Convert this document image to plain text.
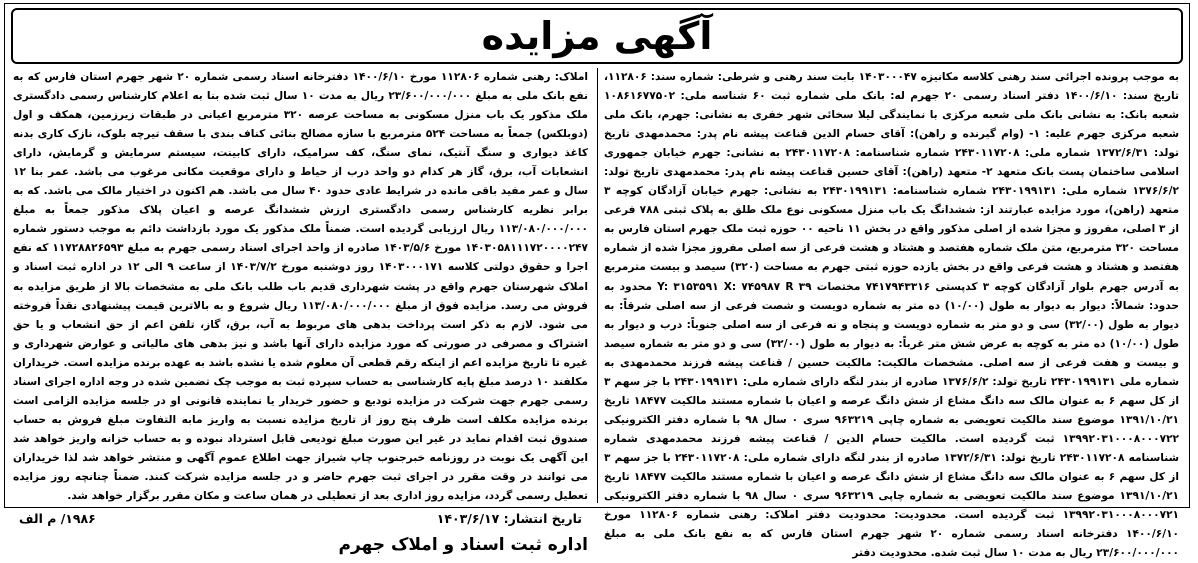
آگهی مزایده
به موجب پرونده اجرائی سند رهنی کلاسه مکانیزه ۱۴۰۳۰۰۰۴۷ بابت سند رهنی و شرطی: شماره سند: ۱۱۲۸۰۶، تاریخ سند: ۱۴۰۰/۶/۱۰ دفتر اسناد رسمی ۲۰ جهرم له: بانک ملی شماره ثبت ۶۰ شناسه ملی: ۱۰۸۶۱۶۷۷۵۰۲ شعبه بانک: به نشانی بانک ملی شعبه مرکزی با نمایندگی لیلا سخائی شهر خفری به نشانی: جهرم، بانک ملی شعبه مرکزی جهرم علیه: ۱- (وام گیرنده و راهن): آقای حسام الدین قناعت پیشه نام پدر: محمدمهدی تاریخ تولد: ۱۳۷۲/۶/۳۱ شماره ملی: ۲۴۳۰۱۱۷۲۰۸ شماره شناسنامه: ۲۴۳۰۱۱۷۲۰۸ به نشانی: جهرم خیابان جمهوری اسلامی ساختمان پست بانک متعهد ۲- متعهد (راهن): آقای حسین قناعت پیشه نام پدر: محمدمهدی تاریخ تولد: ۱۳۷۶/۶/۲ شماره ملی: ۲۴۳۰۱۹۹۱۳۱ شماره شناسنامه: ۲۴۳۰۱۹۹۱۳۱ به نشانی: جهرم خیابان آزادگان کوچه ۳ متعهد (راهن)، مورد مزایده عبارتند از: ششدانگ یک باب منزل مسکونی نوع ملک طلق به پلاک ثبتی ۷۸۸ فرعی از ۳ اصلی، مفروز و مجزا شده از اصلی مذکور واقع در بخش ۱۱ ناحیه ۰۰ حوزه ثبت ملک جهرم استان فارس به مساحت ۳۲۰ مترمربع، متن ملک شماره هفتصد و هشتاد و هشت فرعی از سه اصلی مفروز مجزا شده از شماره هفتصد و هشتاد و هشت فرعی واقع در بخش یازده حوزه ثبتی جهرم به مساحت (۳۲۰) سیصد و بیست مترمربع به آدرس جهرم بلوار آزادگان کوچه ۳ کدپستی ۷۴۱۷۹۴۳۳۱۶ مختصات Y: ۳۱۵۳۵۹۱ X: ۷۴۵۹۸۷ R ۳۹ محدود به حدود: شمالاً: دیوار به دیوار به طول (۱۰/۰۰) ده متر به شماره دویست و شصت فرعی از سه اصلی شرقاً: به دیوار به طول (۳۲/۰۰) سی و دو متر به شماره دویست و پنجاه و نه فرعی از سه اصلی جنوباً: درب و دیوار به طول (۱۰/۰۰) ده متر به کوچه به عرض شش متر غرباً: به دیوار به طول (۳۲/۰۰) سی و دو متر به شماره سیصد و بیست و هفت فرعی از سه اصلی. مشخصات مالکیت: مالکیت حسین / قناعت پیشه فرزند محمدمهدی به شماره ملی ۲۴۳۰۱۹۹۱۳۱ تاریخ تولد: ۱۳۷۶/۶/۲ صادره از بندر لنگه دارای شماره ملی: ۲۴۳۰۱۹۹۱۳۱ با جز سهم ۳ از کل سهم ۶ به عنوان مالک سه دانگ مشاع از شش دانگ عرصه و اعیان با شماره مستند مالکیت ۱۸۴۷۷ تاریخ ۱۳۹۱/۱۰/۲۱ موضوع سند مالکیت تعویضی به شماره چاپی ۹۶۳۲۱۹ سری ۰ سال ۹۸ با شماره دفتر الکترونیکی ۱۳۹۹۲۰۳۱۰۰۰۸۰۰۰۷۲۲ ثبت گردیده است. مالکیت حسام الدین / قناعت پیشه فرزند محمدمهدی شماره شناسنامه ۲۴۳۰۱۱۷۲۰۸ تاریخ تولد: ۱۳۷۲/۶/۳۱ صادره از بندر لنگه دارای شماره ملی: ۲۴۳۰۱۱۷۲۰۸ با جز سهم ۳ از کل سهم ۶ به عنوان مالک سه دانگ مشاع از شش دانگ عرصه و اعیان با شماره مستند مالکیت ۱۸۴۷۷ تاریخ ۱۳۹۱/۱۰/۲۱ موضوع سند مالکیت تعویضی به شماره چاپی ۹۶۳۲۱۹ سری ۰ سال ۹۸ با شماره دفتر الکترونیکی ۱۳۹۹۲۰۳۱۰۰۰۸۰۰۰۷۲۱ ثبت گردیده است. محدودیت: محدودیت دفتر املاک: رهنی شماره ۱۱۲۸۰۶ مورخ ۱۴۰۰/۶/۱۰ دفترخانه اسناد رسمی شماره ۲۰ شهر جهرم استان فارس که به نفع بانک ملی به مبلغ ۲۳/۶۰۰/۰۰۰/۰۰۰ ریال به مدت ۱۰ سال ثبت شده. محدودیت دفتر
املاک: رهنی شماره ۱۱۲۸۰۶ مورخ ۱۴۰۰/۶/۱۰ دفترخانه اسناد رسمی شماره ۲۰ شهر جهرم استان فارس که به نفع بانک ملی به مبلغ ۲۳/۶۰۰/۰۰۰/۰۰۰ ریال به مدت ۱۰ سال ثبت شده بنا به اعلام کارشناس رسمی دادگستری ملک مذکور یک باب منزل مسکونی به مساحت عرصه ۳۲۰ مترمربع اعیانی در طبقات زیرزمین، همکف و اول (دوبلکس) جمعاً به مساحت ۵۲۴ مترمربع با سازه مصالح بنائی کناف بندی با سقف تیرچه بلوک، نازک کاری بدنه کاغذ دیواری و سنگ آنتیک، نمای سنگ، کف سرامیک، دارای کابینت، سیستم سرمایش و گرمایش، دارای انشعابات آب، برق، گاز هر کدام دو واحد درب از حیاط و دارای موقعیت مکانی مرغوب می باشد. عمر بنا ۱۲ سال و عمر مفید باقی مانده در شرایط عادی حدود ۴۰ سال می باشد. هم اکنون در اختیار مالک می باشد. که به برابر نظریه کارشناس رسمی دادگستری ارزش ششدانگ عرصه و اعیان پلاک مذکور جمعاً به مبلغ ۱۱۳/۰۸۰/۰۰۰/۰۰۰ ریال ارزیابی گردیده است. ضمناً ملک مذکور یک مورد بازداشت دائم به موجب دستور شماره ۱۴۰۳۰۵۸۱۱۱۷۲۰۰۰۰۲۴۷ مورخ ۱۴۰۳/۵/۶ صادره از واحد اجرای اسناد رسمی جهرم به مبلغ ۱۱۷۲۸۸۲۶۵۹۳ که نفع اجرا و حقوق دولتی کلاسه ۱۴۰۳۰۰۰۱۷۱ روز دوشنبه مورخ ۱۴۰۳/۷/۲ از ساعت ۹ الی ۱۲ در اداره ثبت اسناد و املاک شهرستان جهرم واقع در پشت شهرداری قدیم باب طلب بانک ملی به مشخصات بالا از طریق مزایده به فروش می رسد. مزایده فوق از مبلغ ۱۱۳/۰۸۰/۰۰۰/۰۰۰ ریال شروع و به بالاترین قیمت پیشنهادی نقداً فروخته می شود. لازم به ذکر است پرداخت بدهی های مربوط به آب، برق، گاز، تلفن اعم از حق انشعاب و یا حق اشتراک و مصرفی در صورتی که مورد مزایده دارای آنها باشد و نیز بدهی های مالیاتی و عوارض شهرداری و غیره تا تاریخ مزایده اعم از اینکه رقم قطعی آن معلوم شده یا نشده باشد به عهده برنده مزایده است. خریداران مکلفند ۱۰ درصد مبلغ پایه کارشناسی به حساب سپرده ثبت به موجب چک تضمین شده در وجه اداره اجرای اسناد رسمی جهرم جهت شرکت در مزایده تودیع و حضور خریدار یا نماینده قانونی او در جلسه مزایده الزامی است برنده مزایده مکلف است ظرف پنج روز از تاریخ مزایده نسبت به واریز مابه التفاوت مبلغ فروش به حساب صندوق ثبت اقدام نماید در غیر این صورت مبلغ تودیعی قابل استرداد نبوده و به حساب خزانه واریز خواهد شد این آگهی یک نوبت در روزنامه خبرجنوب چاپ شیراز جهت اطلاع عموم آگهی و منتشر خواهد شد لذا خریداران می توانند در وقت مقرر در اجرای ثبت جهرم حاضر و در جلسه مزایده شرکت کنند. ضمناً چنانچه روز مزایده تعطیل رسمی گردد، مزایده روز اداری بعد از تعطیلی در همان ساعت و مکان مقرر برگزار خواهد شد.
تاریخ انتشار: ۱۴۰۳/۶/۱۷
۱۹۸۶/ م الف
اداره ثبت اسناد و املاک جهرم
